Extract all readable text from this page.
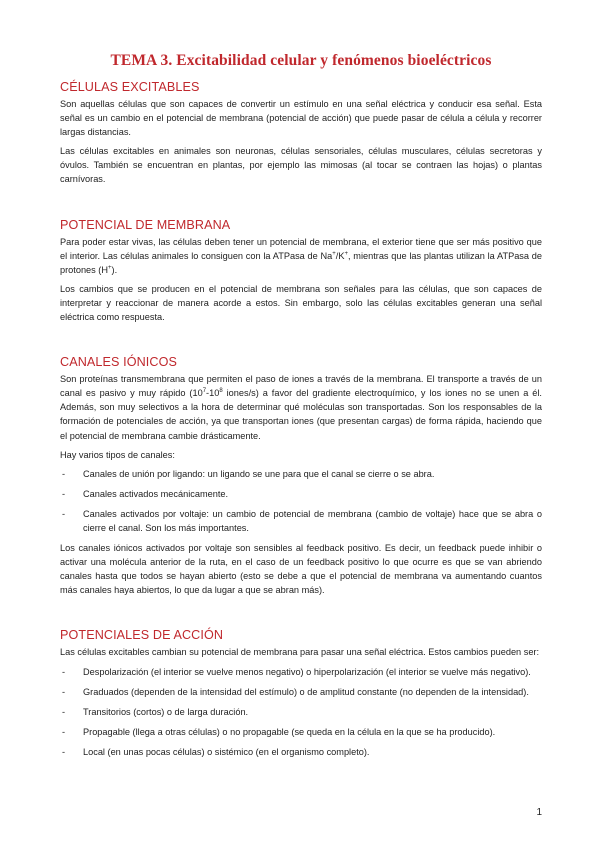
TEMA 3. Excitabilidad celular y fenómenos bioeléctricos
CÉLULAS EXCITABLES

Son aquellas células que son capaces de convertir un estímulo en una señal eléctrica y conducir esa señal. Esta señal es un cambio en el potencial de membrana (potencial de acción) que puede pasar de célula a célula y recorrer largas distancias.

Las células excitables en animales son neuronas, células sensoriales, células musculares, células secretoras y óvulos. También se encuentran en plantas, por ejemplo las mimosas (al tocar se contraen las hojas) o plantas carnívoras.

POTENCIAL DE MEMBRANA

Para poder estar vivas, las células deben tener un potencial de membrana, el exterior tiene que ser más positivo que el interior. Las células animales lo consiguen con la ATPasa de Na+/K+, mientras que las plantas utilizan la ATPasa de protones (H+).

Los cambios que se producen en el potencial de membrana son señales para las células, que son capaces de interpretar y reaccionar de manera acorde a estos. Sin embargo, solo las células excitables generan una señal eléctrica como respuesta.

CANALES IÓNICOS

Son proteínas transmembrana que permiten el paso de iones a través de la membrana. El transporte a través de un canal es pasivo y muy rápido ($10^7-10^8$ iones/s) a favor del gradiente electroquímico, y los iones no se unen a él. Además, son muy selectivos a la hora de determinar qué moléculas son transportadas. Son los responsables de la formación de potenciales de acción, ya que transportan iones (que presentan cargas) de forma rápida, haciendo que el potencial de membrana cambie drásticamente.

Hay varios tipos de canales:

- Canales de unión por ligando: un ligando se une para que el canal se cierre o se abra.
- Canales activados mecánicamente.
- Canales activados por voltaje: un cambio de potencial de membrana (cambio de voltaje) hace que se abra o cierre el canal. Son los más importantes.

Los canales iónicos activados por voltaje son sensibles al feedback positivo. Es decir, un feedback puede inhibir o activar una molécula anterior de la ruta, en el caso de un feedback positivo lo que ocurre es que se van abriendo canales hasta que todos se hayan abierto (esto se debe a que el potencial de membrana va aumentando cuantos más canales haya abiertos, lo que da lugar a que se abran más).

POTENCIALES DE ACCIÓN

Las células excitables cambian su potencial de membrana para pasar una señal eléctrica. Estos cambios pueden ser:

- Despolarización (el interior se vuelve menos negativo) o hiperpolarización (el interior se vuelve más negativo).
- Graduados (dependen de la intensidad del estímulo) o de amplitud constante (no dependen de la intensidad).
- Transitorios (cortos) o de larga duración.
- Propagable (llega a otras células) o no propagable (se queda en la célula en la que se ha producido).
- Local (en unas pocas células) o sistémico (en el organismo completo).
1
